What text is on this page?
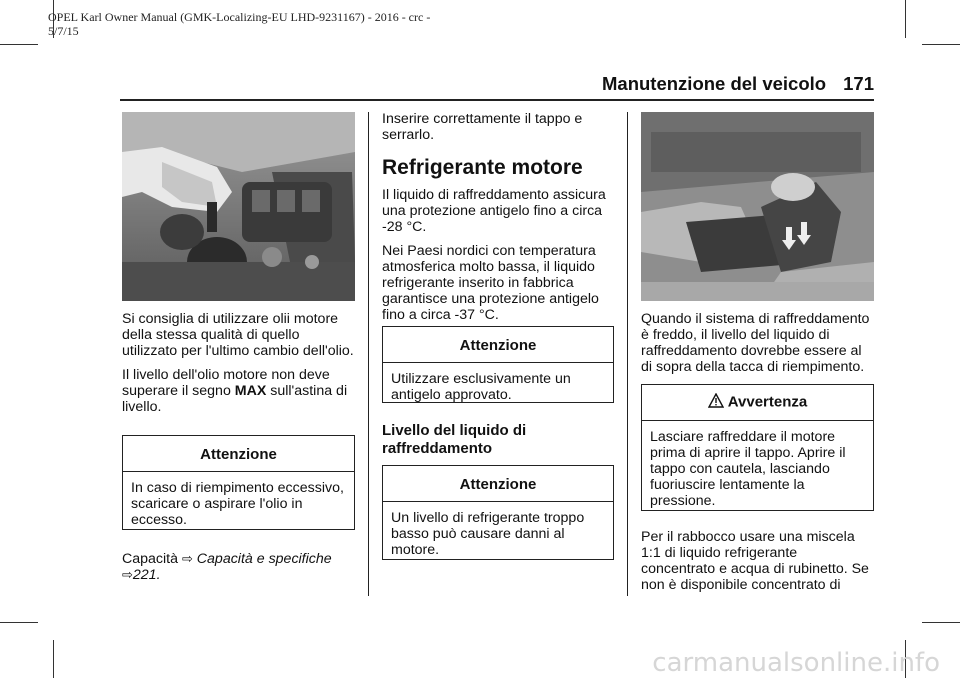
OPEL Karl Owner Manual (GMK-Localizing-EU LHD-9231167) - 2016 - crc -
5/7/15
Manutenzione del veicolo 171

Si consiglia di utilizzare olii motore della stessa qualità di quello utilizzato per l'ultimo cambio dell'olio.

Il livello dell'olio motore non deve superare il segno MAX sull'astina di livello.

Attenzione
In caso di riempimento eccessivo, scaricare o aspirare l'olio in eccesso.
Capacità ⇨ Capacità e specifiche ⇨221.

Inserire correttamente il tappo e serrarlo.

Refrigerante motore

Il liquido di raffreddamento assicura una protezione antigelo fino a circa -28 °C.

Nei Paesi nordici con temperatura atmosferica molto bassa, il liquido refrigerante inserito in fabbrica garantisce una protezione antigelo fino a circa -37 °C.

Attenzione
Utilizzare esclusivamente un antigelo approvato.
Livello del liquido di raffreddamento
Attenzione
Un livello di refrigerante troppo basso può causare danni al motore.

Quando il sistema di raffreddamento è freddo, il livello del liquido di raffreddamento dovrebbe essere al di sopra della tacca di riempimento.

Avvertenza
Lasciare raffreddare il motore prima di aprire il tappo. Aprire il tappo con cautela, lasciando fuoriuscire lentamente la pressione.

Per il rabbocco usare una miscela 1:1 di liquido refrigerante concentrato e acqua di rubinetto. Se non è disponibile concentrato di

carmanualsonline.info
